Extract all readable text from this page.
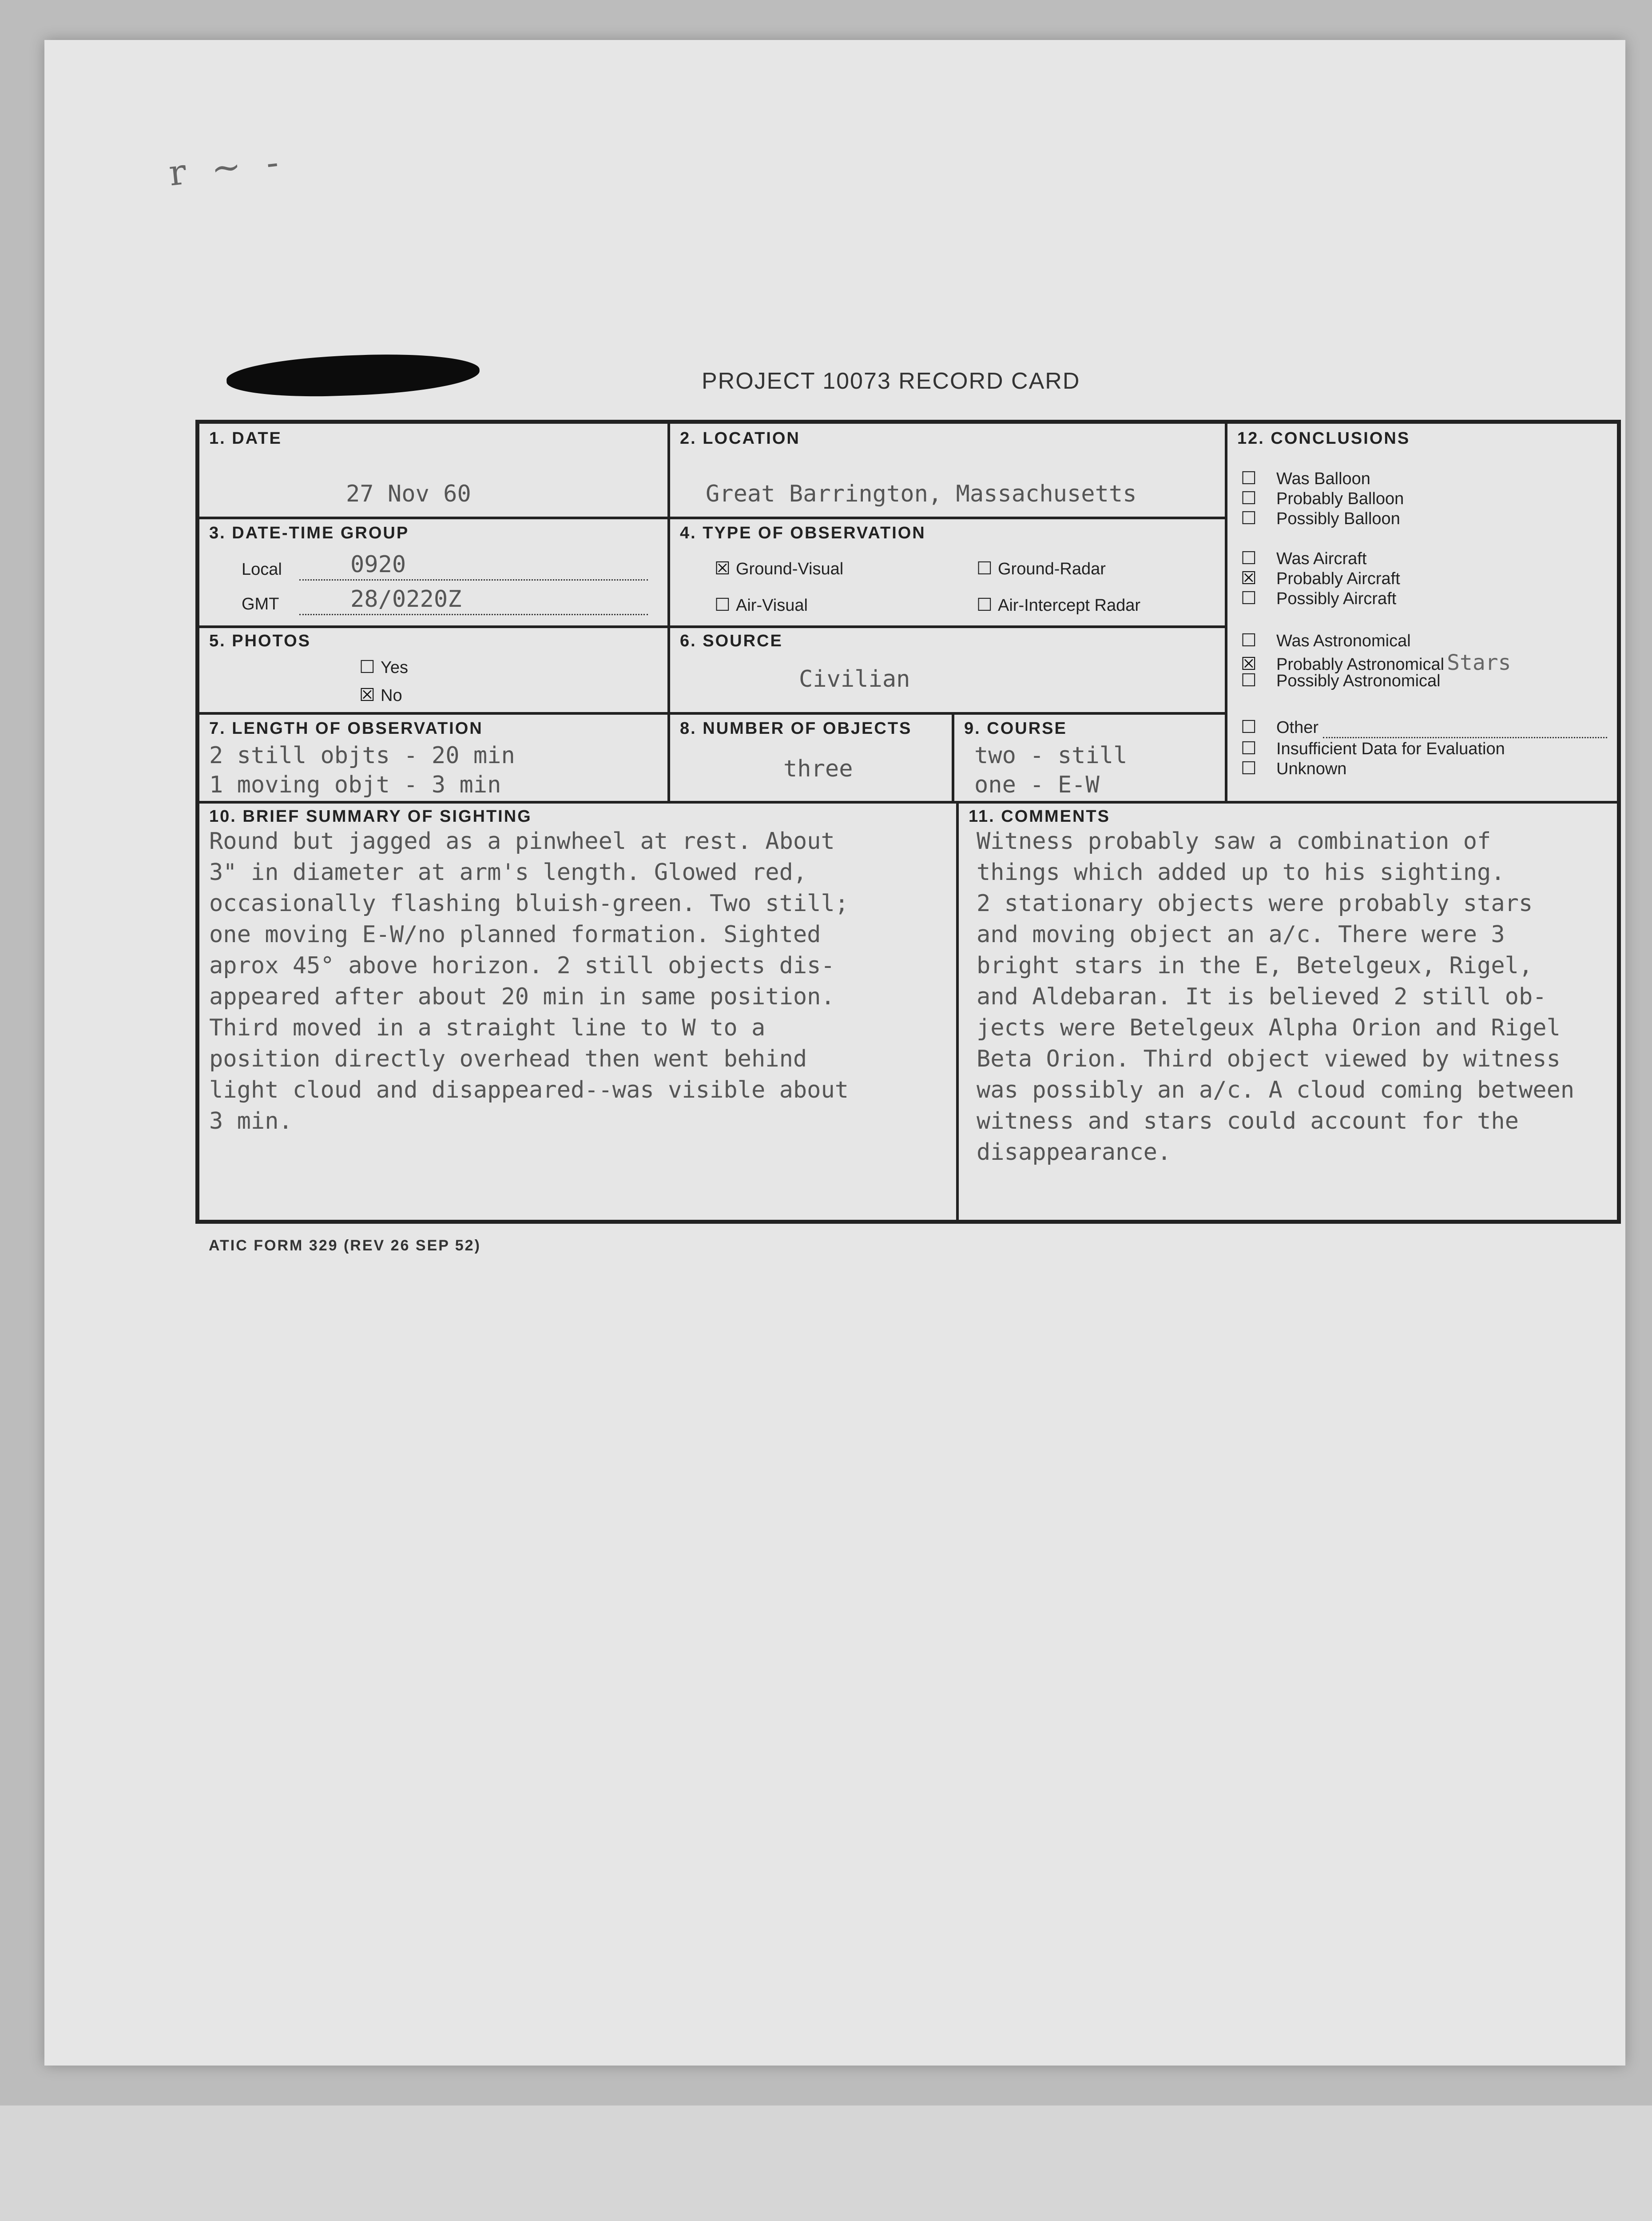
r ~ -
PROJECT 10073 RECORD CARD
1. DATE
27 Nov 60
2. LOCATION
Great Barrington, Massachusetts
12. CONCLUSIONS
☐ Was Balloon
☐ Probably Balloon
☐ Possibly Balloon
☐ Was Aircraft
☒ Probably Aircraft
☐ Possibly Aircraft
☐ Was Astronomical
☒ Probably Astronomical Stars
☐ Possibly Astronomical
☐ Other
☐ Insufficient Data for Evaluation
☐ Unknown
3. DATE-TIME GROUP
Local	0920
GMT	28/0220Z
4. TYPE OF OBSERVATION
☒ Ground-Visual	☐ Ground-Radar
☐ Air-Visual	☐ Air-Intercept Radar
5. PHOTOS
☐ Yes
☒ No
6. SOURCE
Civilian
7. LENGTH OF OBSERVATION
2 still objts - 20 min
1 moving objt - 3 min
8. NUMBER OF OBJECTS
three
9. COURSE
two - still
one - E-W
10. BRIEF SUMMARY OF SIGHTING
Round but jagged as a pinwheel at rest. About
3" in diameter at arm's length. Glowed red,
occasionally flashing bluish-green. Two still;
one moving E-W/no planned formation. Sighted
aprox 45° above horizon. 2 still objects dis-
appeared after about 20 min in same position.
Third moved in a straight line to W to a
position directly overhead then went behind
light cloud and disappeared--was visible about
3 min.
11. COMMENTS
Witness probably saw a combination of
things which added up to his sighting.
2 stationary objects were probably stars
and moving object an a/c. There were 3
bright stars in the E, Betelgeux, Rigel,
and Aldebaran. It is believed 2 still ob-
jects were Betelgeux Alpha Orion and Rigel
Beta Orion. Third object viewed by witness
was possibly an a/c. A cloud coming between
witness and stars could account for the
disappearance.
ATIC FORM 329 (REV 26 SEP 52)
